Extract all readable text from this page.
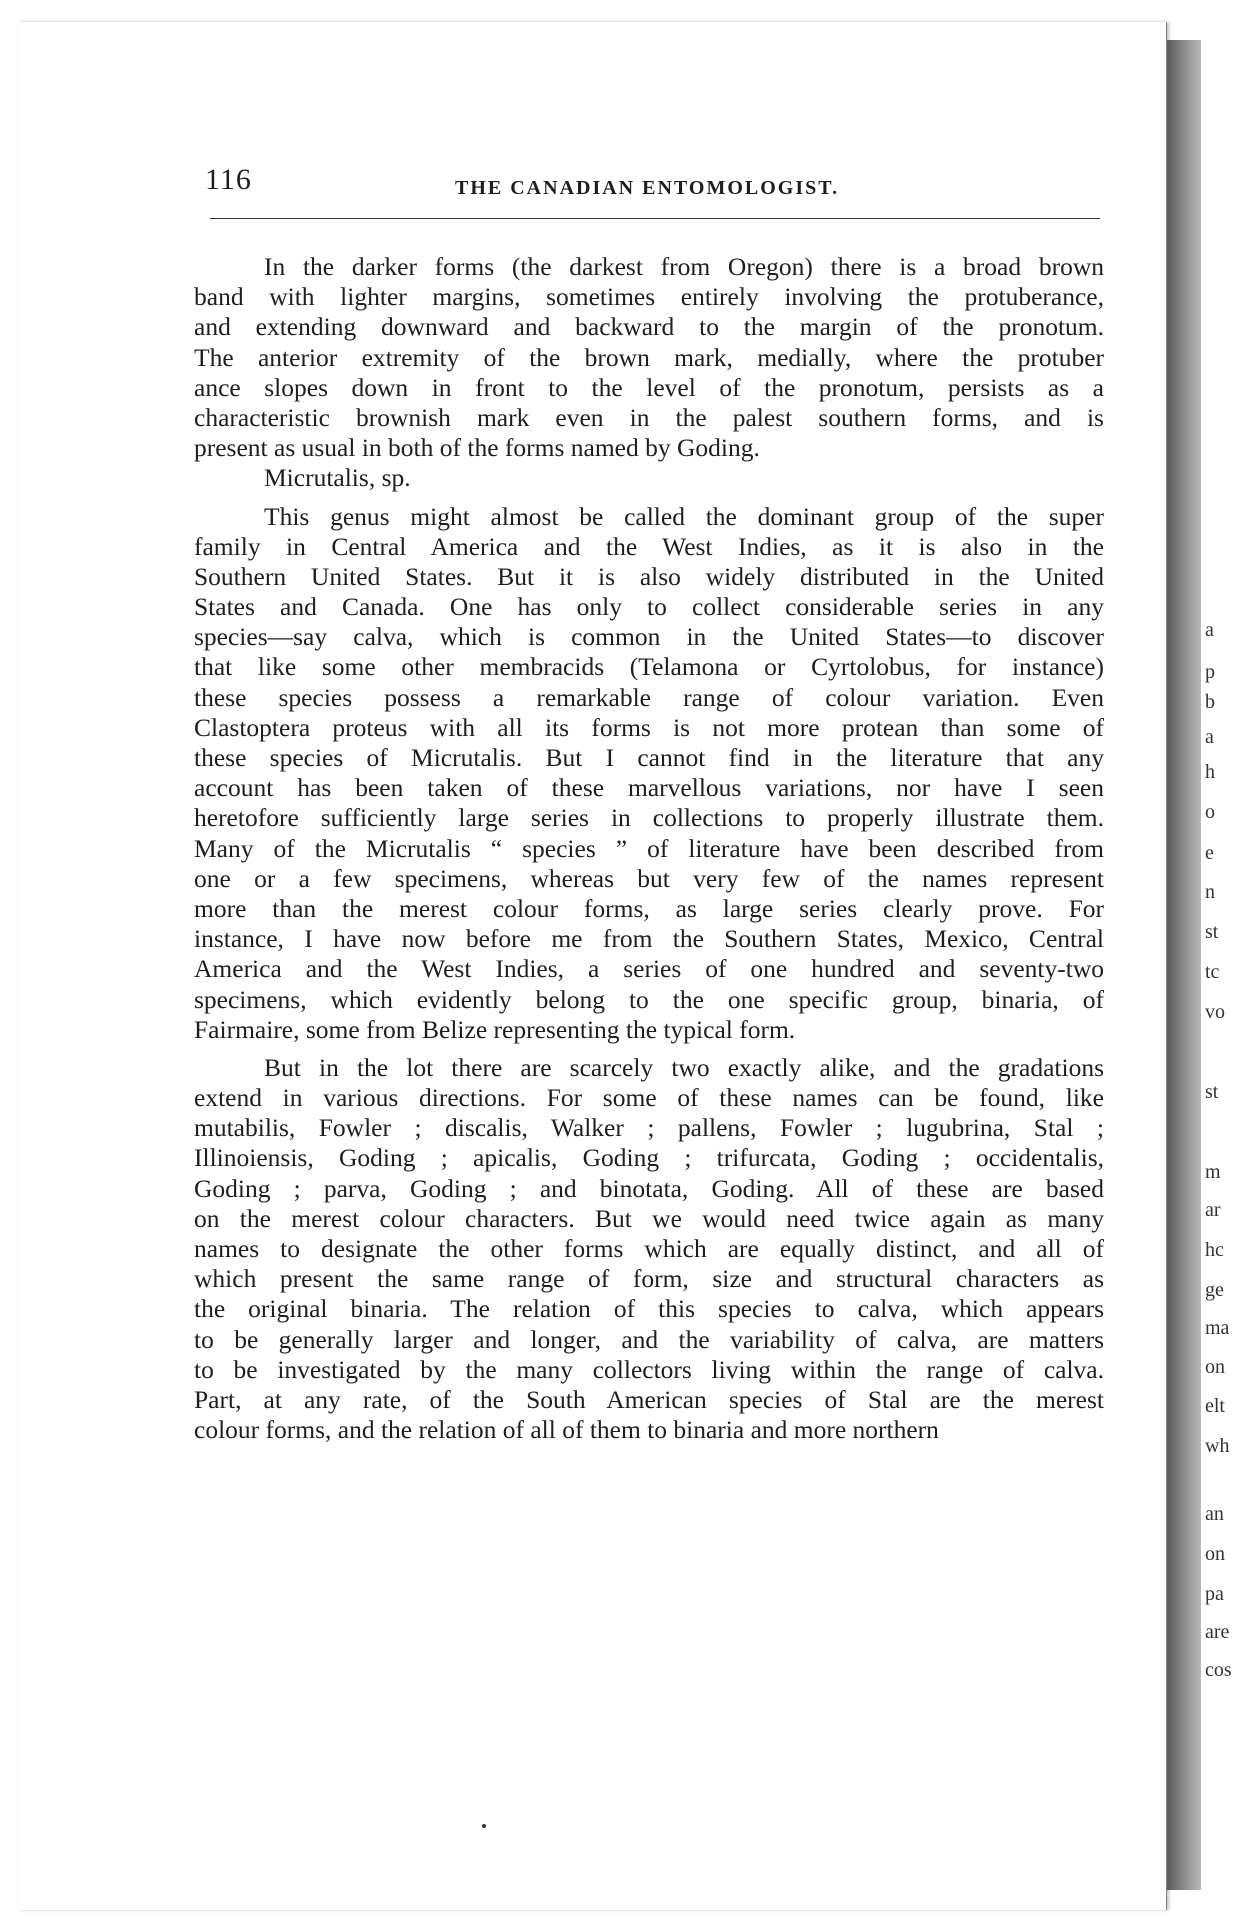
a
p
b
a
h
o
e
n
st
tc
vo
st
m
ar
hc
ge
ma
on
elt
wh
an
on
pa
are
cos
116	THE CANADIAN ENTOMOLOGIST.
In the darker forms (the darkest from Oregon) there is a broad brown
band with lighter margins, sometimes entirely involving the protuberance,
and extending downward and backward to the margin of the pronotum.
The anterior extremity of the brown mark, medially, where the protuber
ance slopes down in front to the level of the pronotum, persists as a
characteristic brownish mark even in the palest southern forms, and is
present as usual in both of the forms named by Goding.
Micrutalis, sp.
This genus might almost be called the dominant group of the super
family in Central America and the West Indies, as it is also in the
Southern United States. But it is also widely distributed in the United
States and Canada. One has only to collect considerable series in any
species—say calva, which is common in the United States—to discover
that like some other membracids (Telamona or Cyrtolobus, for instance)
these species possess a remarkable range of colour variation. Even
Clastoptera proteus with all its forms is not more protean than some of
these species of Micrutalis. But I cannot find in the literature that any
account has been taken of these marvellous variations, nor have I seen
heretofore sufficiently large series in collections to properly illustrate them.
Many of the Micrutalis “ species ” of literature have been described from
one or a few specimens, whereas but very few of the names represent
more than the merest colour forms, as large series clearly prove. For
instance, I have now before me from the Southern States, Mexico, Central
America and the West Indies, a series of one hundred and seventy-two
specimens, which evidently belong to the one specific group, binaria, of
Fairmaire, some from Belize representing the typical form.
But in the lot there are scarcely two exactly alike, and the gradations
extend in various directions. For some of these names can be found, like
mutabilis, Fowler ; discalis, Walker ; pallens, Fowler ; lugubrina, Stal ;
Illinoiensis, Goding ; apicalis, Goding ; trifurcata, Goding ; occidentalis,
Goding ; parva, Goding ; and binotata, Goding. All of these are based
on the merest colour characters. But we would need twice again as many
names to designate the other forms which are equally distinct, and all of
which present the same range of form, size and structural characters as
the original binaria. The relation of this species to calva, which appears
to be generally larger and longer, and the variability of calva, are matters
to be investigated by the many collectors living within the range of calva.
Part, at any rate, of the South American species of Stal are the merest
colour forms, and the relation of all of them to binaria and more northern
